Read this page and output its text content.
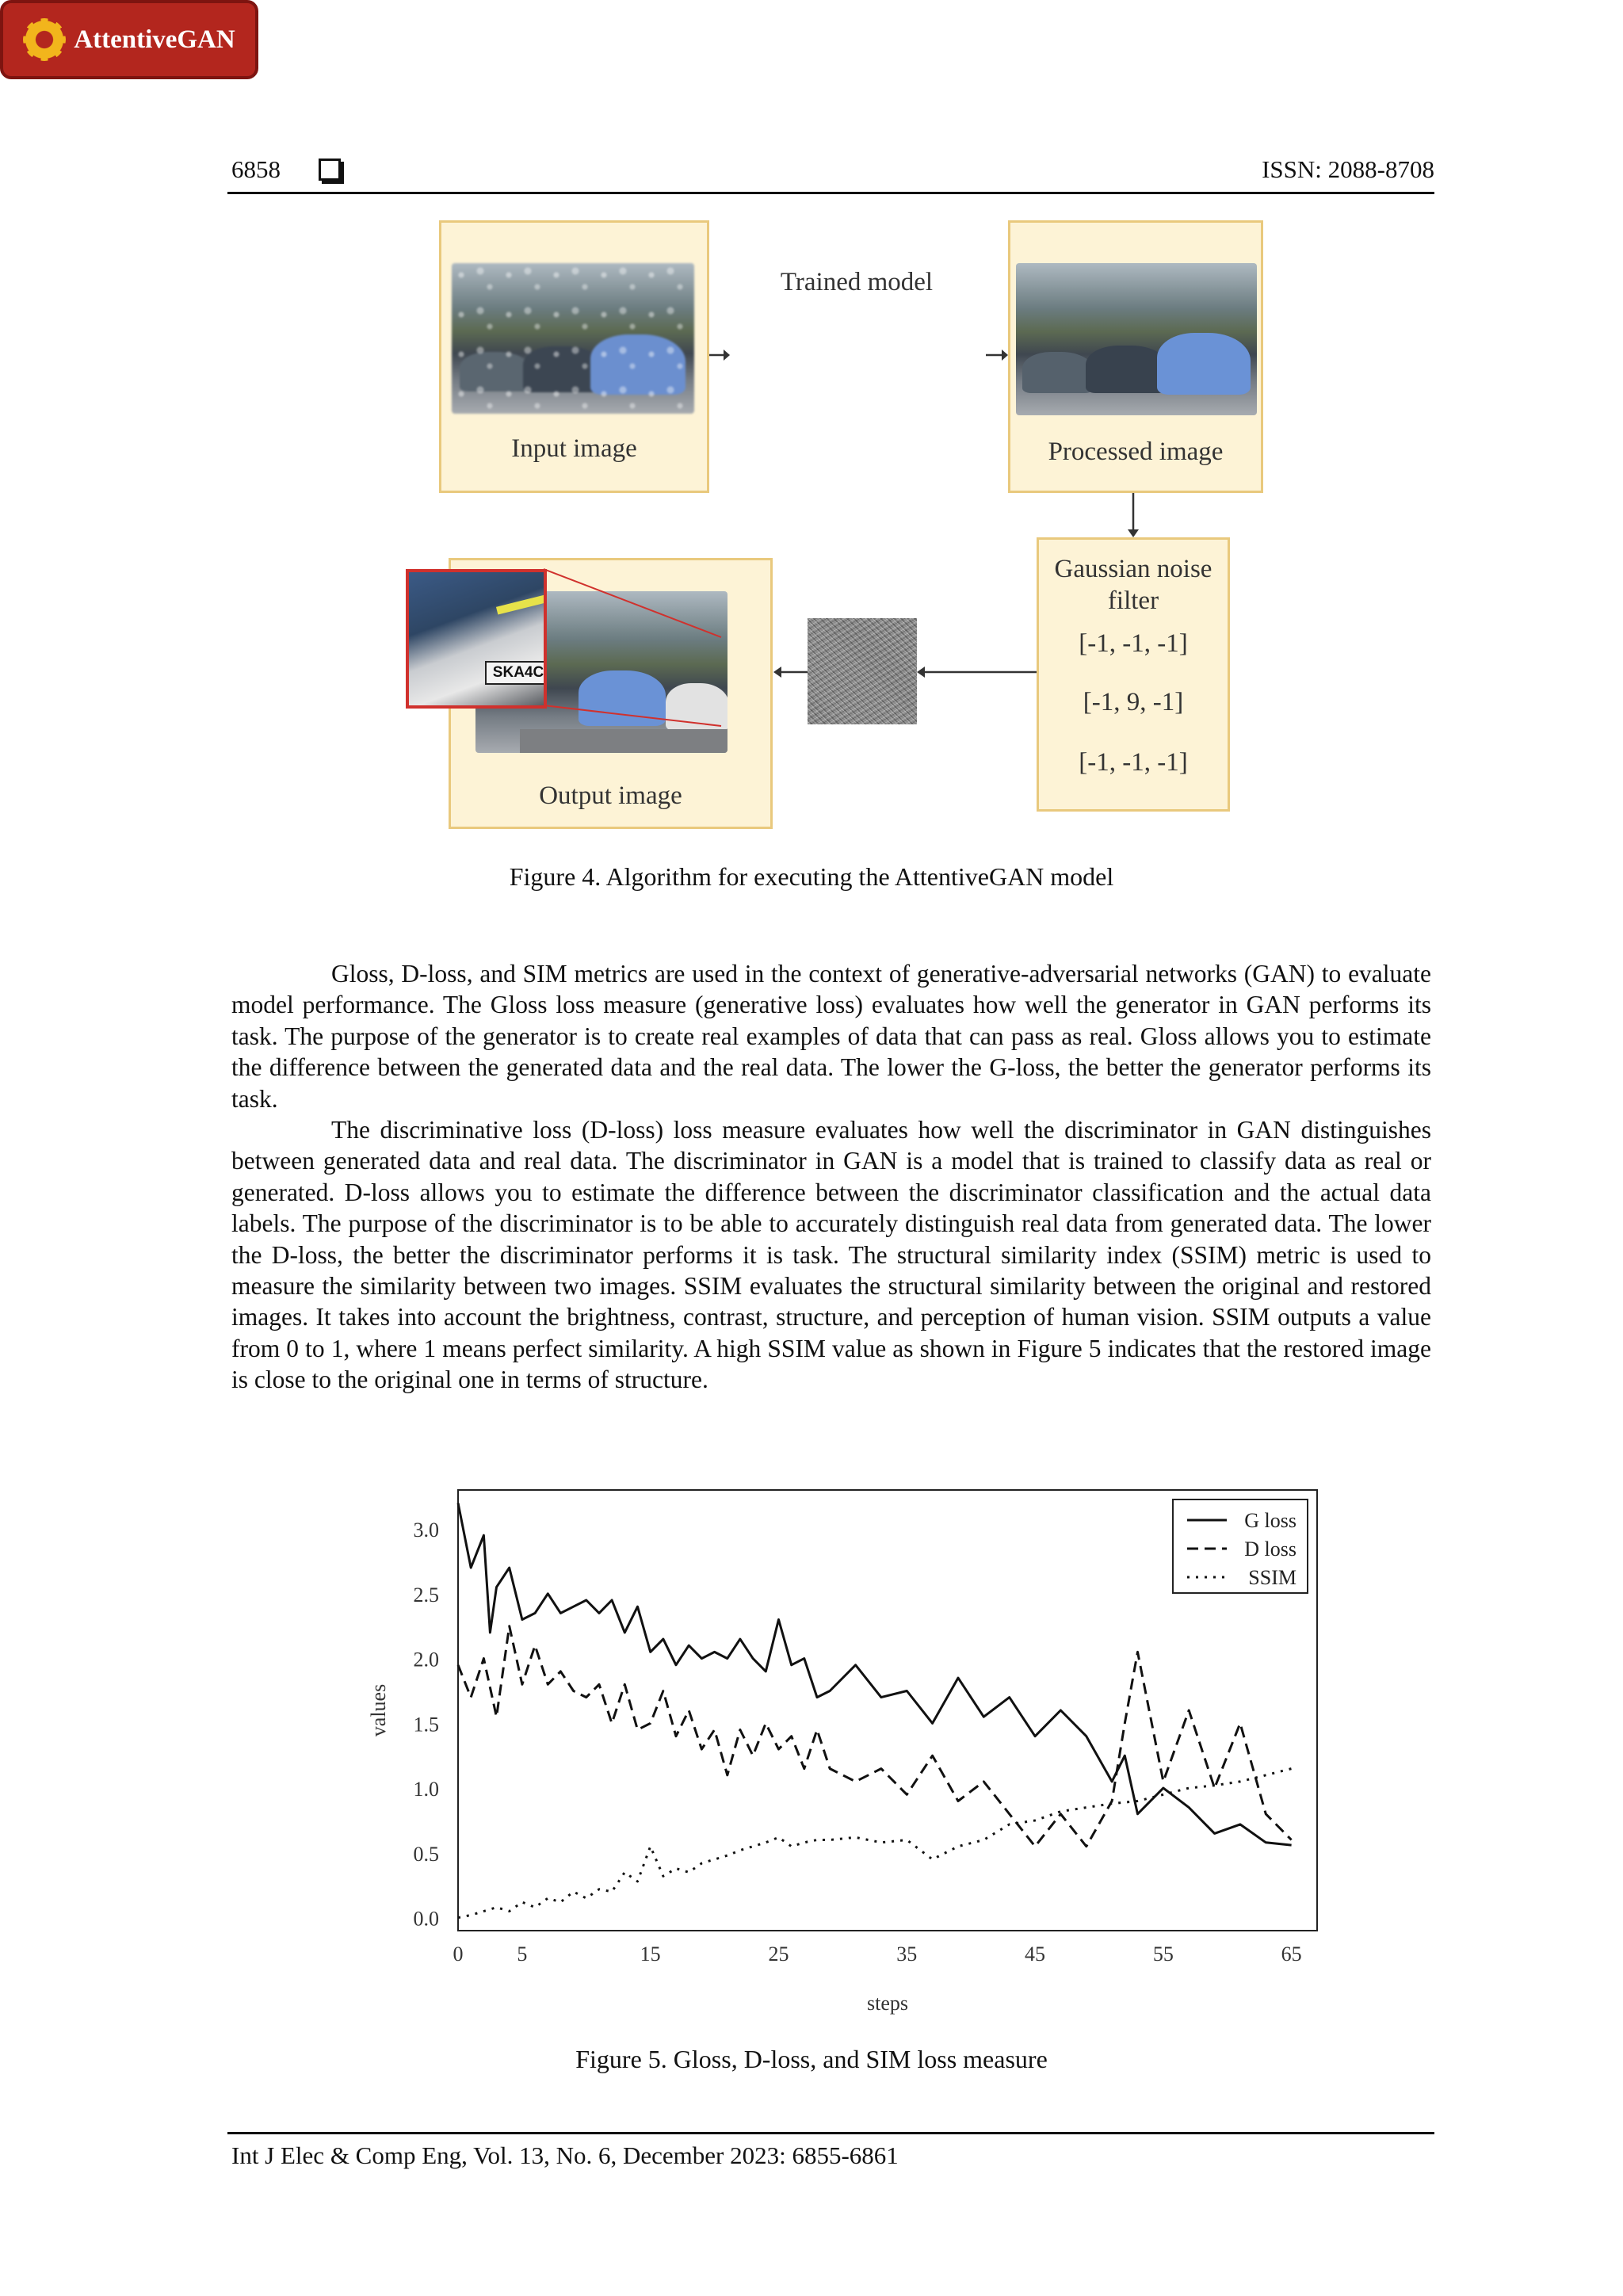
6858	ISSN: 2088-8708
Input image
Trained model
AttentiveGAN
Processed image
Gaussian noise filter
[-1, -1, -1]
[-1, 9, -1]
[-1, -1, -1]
SKA4C
Output image
Figure 4. Algorithm for executing the AttentiveGAN model

Gloss, D-loss, and SIM metrics are used in the context of generative-adversarial networks (GAN) to evaluate model performance. The Gloss loss measure (generative loss) evaluates how well the generator in GAN performs its task. The purpose of the generator is to create real examples of data that can pass as real. Gloss allows you to estimate the difference between the generated data and the real data. The lower the G-loss, the better the generator performs its task.

The discriminative loss (D-loss) loss measure evaluates how well the discriminator in GAN distinguishes between generated data and real data. The discriminator in GAN is a model that is trained to classify data as real or generated. D-loss allows you to estimate the difference between the discriminator classification and the actual data labels. The purpose of the discriminator is to be able to accurately distinguish real data from generated data. The lower the D-loss, the better the discriminator performs it is task. The structural similarity index (SSIM) metric is used to measure the similarity between two images. SSIM evaluates the structural similarity between the original and restored images. It takes into account the brightness, contrast, structure, and perception of human vision. SSIM outputs a value from 0 to 1, where 1 means perfect similarity. A high SSIM value as shown in Figure 5 indicates that the restored image is close to the original one in terms of structure.

0.0
0.5
1.0
1.5
2.0
2.5
3.0
0	5	15	25	35	45	55	65
steps
values
G loss
D loss
SSIM
Figure 5. Gloss, D-loss, and SIM loss measure
Int J Elec & Comp Eng, Vol. 13, No. 6, December 2023: 6855-6861
